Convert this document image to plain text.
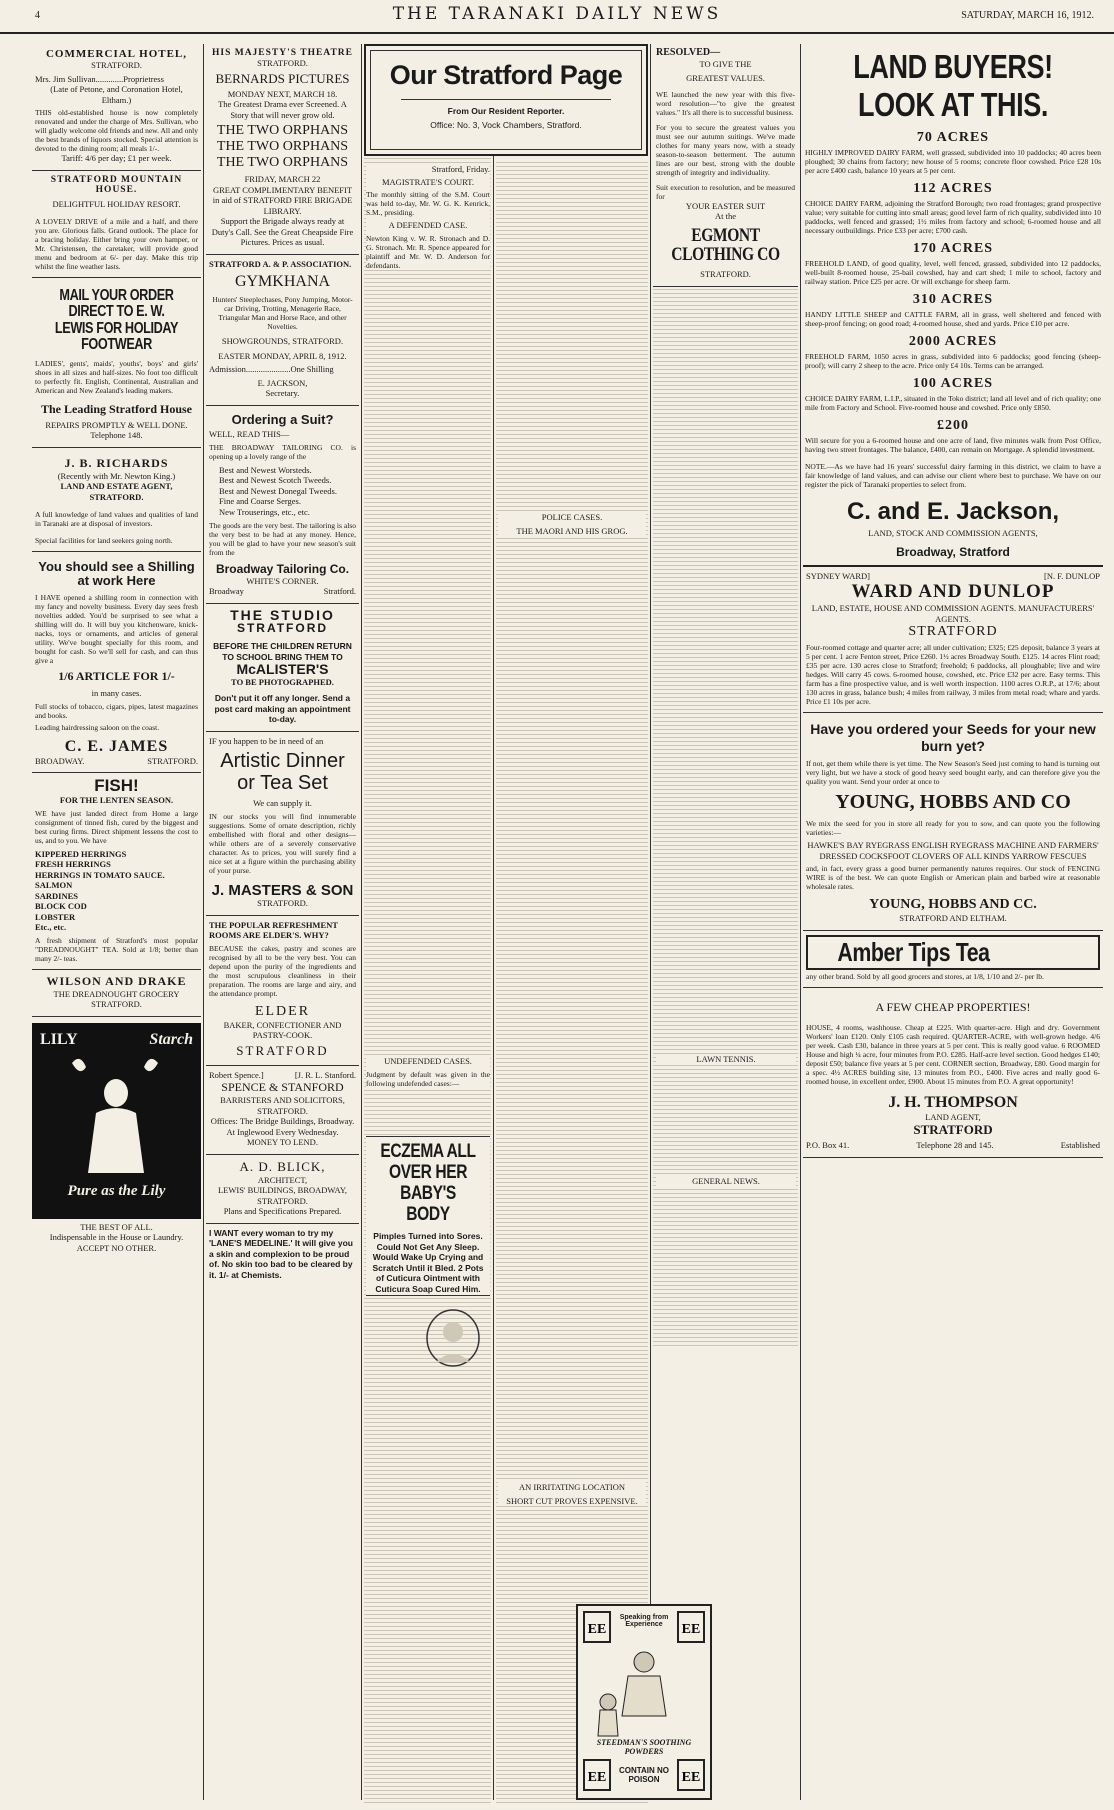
4	THE TARANAKI DAILY NEWS	SATURDAY, MARCH 16, 1912.
COMMERCIAL HOTEL,
STRATFORD.
Mrs. Jim Sullivan.............Proprietress
(Late of Petone, and Coronation Hotel, Eltham.)
THIS old-established house is now completely renovated and under the charge of Mrs. Sullivan, who will gladly welcome old friends and new. All and only the best brands of liquors stocked. Special attention is devoted to the dining room; all meals 1/-.
Tariff: 4/6 per day; £1 per week.
STRATFORD MOUNTAIN HOUSE.
DELIGHTFUL HOLIDAY RESORT.
A LOVELY DRIVE of a mile and a half, and there you are. Glorious falls. Grand outlook. The place for a bracing holiday. Either bring your own hamper, or Mr. Christensen, the caretaker, will provide good menu and bedroom at 6/- per day. Make this trip whilst the fine weather lasts.
MAIL YOUR ORDER DIRECT TO E. W. LEWIS FOR HOLIDAY FOOTWEAR
LADIES', gents', maids', youths', boys' and girls' shoes in all sizes and half-sizes. No foot too difficult to perfectly fit. English, Continental, Australian and American and New Zealand's leading makers.
The Leading Stratford House
REPAIRS PROMPTLY & WELL DONE.
Telephone 148.
J. B. RICHARDS
(Recently with Mr. Newton King.)
LAND AND ESTATE AGENT,
STRATFORD.
A full knowledge of land values and qualities of land in Taranaki are at disposal of investors.
Special facilities for land seekers going north.
You should see a Shilling at work Here
I HAVE opened a shilling room in connection with my fancy and novelty business. Every day sees fresh novelties added. You'd be surprised to see what a shilling will do. It will buy you kitchenware, knick-nacks, toys or ornaments, and articles of general utility. We've bought specially for this room, and bought for cash. So we'll sell for cash, and can thus give a
1/6 ARTICLE FOR 1/-
in many cases.
Full stocks of tobacco, cigars, pipes, latest magazines and books.
Leading hairdressing saloon on the coast.
C. E. JAMES
BROADWAY.	STRATFORD.
FISH!
FOR THE LENTEN SEASON.
WE have just landed direct from Home a large consignment of tinned fish, cured by the biggest and best curing firms. Direct shipment lessens the cost to us, and to you. We have
KIPPERED HERRINGS
FRESH HERRINGS
HERRINGS IN TOMATO SAUCE.
SALMON
SARDINES
BLOCK COD
LOBSTER
Etc., etc.
A fresh shipment of Stratford's most popular "DREADNOUGHT" TEA. Sold at 1/8; better than many 2/- teas.
WILSON AND DRAKE
THE DREADNOUGHT GROCERY
STRATFORD.
LILY	Starch
Pure as the Lily
THE BEST OF ALL.
Indispensable in the House or Laundry.
ACCEPT NO OTHER.
HIS MAJESTY'S THEATRE
STRATFORD.
BERNARDS PICTURES
MONDAY NEXT, MARCH 18.
The Greatest Drama ever Screened. A Story that will never grow old.
THE TWO ORPHANS
THE TWO ORPHANS
THE TWO ORPHANS
FRIDAY, MARCH 22
GREAT COMPLIMENTARY BENEFIT in aid of STRATFORD FIRE BRIGADE LIBRARY.
Support the Brigade always ready at Duty's Call. See the Great Cheapside Fire Pictures. Prices as usual.
STRATFORD A. & P. ASSOCIATION.
GYMKHANA
Hunters' Steeplechases, Pony Jumping, Motor-car Driving, Trotting, Menagerie Race, Triangular Man and Horse Race, and other Novelties.
SHOWGROUNDS, STRATFORD.
EASTER MONDAY, APRIL 8, 1912.
Admission.....................One Shilling
E. JACKSON,
Secretary.
Ordering a Suit?
WELL, READ THIS—
THE BROADWAY TAILORING CO. is opening up a lovely range of the
Best and Newest Worsteds.
Best and Newest Scotch Tweeds.
Best and Newest Donegal Tweeds.
Fine and Coarse Serges.
New Trouserings, etc., etc.
The goods are the very best. The tailoring is also the very best to be had at any money. Hence, you will be glad to have your new season's suit from the
Broadway Tailoring Co.
WHITE'S CORNER.
Broadway	Stratford.
THE STUDIO
STRATFORD
BEFORE THE CHILDREN RETURN TO SCHOOL BRING THEM TO
McALISTER'S
TO BE PHOTOGRAPHED.
Don't put it off any longer. Send a post card making an appointment to-day.
IF you happen to be in need of an
Artistic Dinner or Tea Set
We can supply it.
IN our stocks you will find innumerable suggestions. Some of ornate description, richly embellished with floral and other designs—while others are of a severely conservative character. As to prices, you will surely find a nice set at a figure within the purchasing ability of your purse.
J. MASTERS & SON
STRATFORD.
THE POPULAR REFRESHMENT ROOMS ARE ELDER'S. WHY?
BECAUSE the cakes, pastry and scones are recognised by all to be the very best. You can depend upon the purity of the ingredients and the most scrupulous cleanliness in their preparation. The rooms are large and airy, and the attendance prompt.
ELDER
BAKER, CONFECTIONER AND PASTRY-COOK.
STRATFORD
Robert Spence.]	[J. R. L. Stanford.
SPENCE & STANFORD
BARRISTERS AND SOLICITORS, STRATFORD.
Offices: The Bridge Buildings, Broadway.
At Inglewood Every Wednesday.
MONEY TO LEND.
A. D. BLICK,
ARCHITECT,
LEWIS' BUILDINGS, BROADWAY, STRATFORD.
Plans and Specifications Prepared.
I WANT every woman to try my 'LANE'S MEDELINE.' It will give you a skin and complexion to be proud of. No skin too bad to be cleared by it. 1/- at Chemists.
Our Stratford Page
From Our Resident Reporter.
Office: No. 3, Vock Chambers, Stratford.
Stratford, Friday.
MAGISTRATE'S COURT.
The monthly sitting of the S.M. Court was held to-day, Mr. W. G. K. Kenrick, S.M., presiding.
A DEFENDED CASE.
Newton King v. W. R. Stronach and D. G. Stronach. Mr. R. Spence appeared for plaintiff and Mr. W. D. Anderson for defendants.
UNDEFENDED CASES.
Judgment by default was given in the following undefended cases:—
ECZEMA ALL OVER HER BABY'S BODY
Pimples Turned into Sores. Could Not Get Any Sleep. Would Wake Up Crying and Scratch Until it Bled. 2 Pots of Cuticura Ointment with Cuticura Soap Cured Him.
POLICE CASES.
THE MAORI AND HIS GROG.
AN IRRITATING LOCATION
SHORT CUT PROVES EXPENSIVE.
RESOLVED—
TO GIVE THE
GREATEST VALUES.
WE launched the new year with this five-word resolution—"to give the greatest values." It's all there is to successful business.
For you to secure the greatest values you must see our autumn suitings. We've made clothes for many years now, with a steady season-to-season betterment. The autumn lines are our best, strong with the double strength of integrity and individuality.
Suit execution to resolution, and be measured for
YOUR EASTER SUIT
At the
EGMONT CLOTHING CO
STRATFORD.
LAWN TENNIS.
GENERAL NEWS.
EE	EE
EE	EE
Speaking from Experience
STEEDMAN'S SOOTHING POWDERS
CONTAIN NO POISON
LAND BUYERS! LOOK AT THIS.
70 ACRES
HIGHLY IMPROVED DAIRY FARM, well grassed, subdivided into 10 paddocks; 40 acres been ploughed; 30 chains from factory; new house of 5 rooms; concrete floor cowshed. Price £28 10s per acre £400 cash, balance 10 years at 5 per cent.
112 ACRES
CHOICE DAIRY FARM, adjoining the Stratford Borough; two road frontages; grand prospective value; very suitable for cutting into small areas; good level farm of rich quality, subdivided into 10 paddocks, well fenced and grassed; 1½ miles from factory and school; 6-roomed house and all necessary outbuildings. Price £33 per acre; £700 cash.
170 ACRES
FREEHOLD LAND, of good quality, level, well fenced, grassed, subdivided into 12 paddocks, well-built 8-roomed house, 25-bail cowshed, hay and cart shed; 1 mile to school, factory and railway station. Price £25 per acre. Or will exchange for sheep farm.
310 ACRES
HANDY LITTLE SHEEP and CATTLE FARM, all in grass, well sheltered and fenced with sheep-proof fencing; on good road; 4-roomed house, shed and yards. Price £10 per acre.
2000 ACRES
FREEHOLD FARM, 1050 acres in grass, subdivided into 6 paddocks; good fencing (sheep-proof); will carry 2 sheep to the acre. Price only £4 10s. Terms can be arranged.
100 ACRES
CHOICE DAIRY FARM, L.I.P., situated in the Toko district; land all level and of rich quality; one mile from Factory and School. Five-roomed house and cowshed. Price only £850.
£200
Will secure for you a 6-roomed house and one acre of land, five minutes walk from Post Office, having two street frontages. The balance, £400, can remain on Mortgage. A splendid investment.
NOTE.—As we have had 16 years' successful dairy farming in this district, we claim to have a fair knowledge of land values, and can advise our client where best to purchase. We have on our register the pick of Taranaki properties to select from.
C. and E. Jackson,
LAND, STOCK AND COMMISSION AGENTS,
Broadway, Stratford
SYDNEY WARD]	[N. F. DUNLOP
WARD AND DUNLOP
LAND, ESTATE, HOUSE AND COMMISSION AGENTS. MANUFACTURERS' AGENTS.
STRATFORD
Four-roomed cottage and quarter acre; all under cultivation; £325; £25 deposit, balance 3 years at 5 per cent. 1 acre Fenton street, Price £260. 1½ acres Broadway South. £125. 14 acres Flint road; £35 per acre. 130 acres close to Stratford; freehold; 6 paddocks, all ploughable; live and wire hedges. Will carry 45 cows. 6-roomed house, cowshed, etc. Price £32 per acre. Easy terms. This farm has a fine prospective value, and is well worth inspection. 1100 acres O.R.P., at 17/6; about 130 acres in grass, balance bush; 4 miles from railway, 3 miles from metal road; whare and yards. Price £1 10s per acre.
Have you ordered your Seeds for your new burn yet?
If not, get them while there is yet time. The New Season's Seed just coming to hand is turning out very light, but we have a stock of good heavy seed bought early, and can therefore give you the quality you want. Send your order at once to
YOUNG, HOBBS AND CO
We mix the seed for you in store all ready for you to sow, and can quote you the following varieties:—
HAWKE'S BAY RYEGRASS ENGLISH RYEGRASS MACHINE AND FARMERS' DRESSED COCKSFOOT CLOVERS OF ALL KINDS YARROW FESCUES
and, in fact, every grass a good burner permanently natures requires. Our stock of FENCING WIRE is of the best. We can quote English or American plain and barbed wire at reasonable wholesale rates.
YOUNG, HOBBS AND CC.
STRATFORD AND ELTHAM.
Amber Tips Tea
any other brand. Sold by all good grocers and stores, at 1/8, 1/10 and 2/- per lb.
A FEW CHEAP PROPERTIES!
HOUSE, 4 rooms, washhouse. Cheap at £225. With quarter-acre. High and dry. Government Workers' loan £120. Only £105 cash required. QUARTER-ACRE, with well-grown hedge. 4/6 per week. Cash £30, balance in three years at 5 per cent. This is really good value. 6 ROOMED House and high ¼ acre, four minutes from P.O. £285. Half-acre level section. Good hedges £140; deposit £50; balance five years at 5 per cent. CORNER section, Broadway, £80. Good margin for a spec. 4½ ACRES building site, 13 minutes from P.O., £400. Five acres and really good 6-roomed house, in excellent order, £900. About 15 minutes from P.O. A great opportunity!
J. H. THOMPSON
LAND AGENT,
STRATFORD
P.O. Box 41.	Telephone 28 and 145.	Established
